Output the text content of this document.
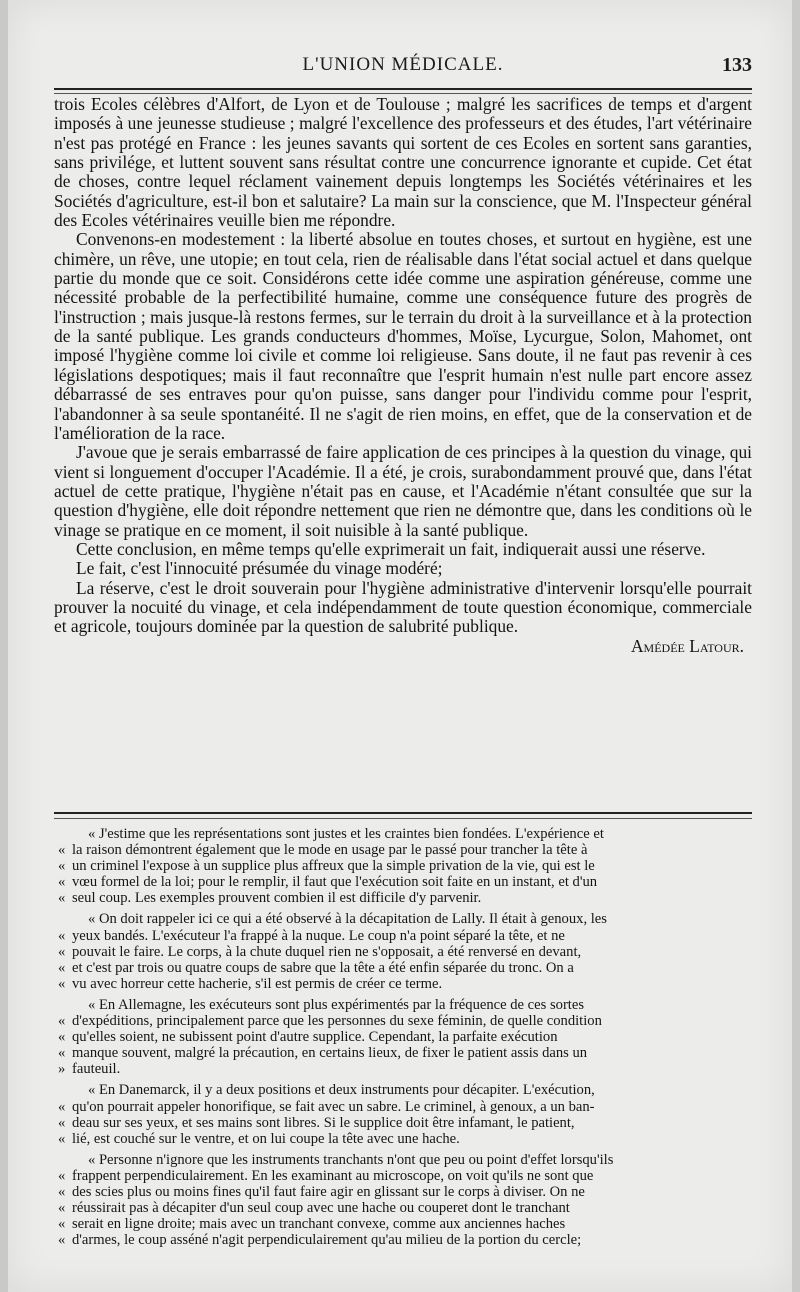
L'UNION MÉDICALE.	133

trois Ecoles célèbres d'Alfort, de Lyon et de Toulouse ; malgré les sacrifices de temps et d'argent imposés à une jeunesse studieuse ; malgré l'excellence des professeurs et des études, l'art vétérinaire n'est pas protégé en France : les jeunes savants qui sortent de ces Ecoles en sortent sans garanties, sans privilége, et luttent souvent sans résultat contre une concurrence ignorante et cupide. Cet état de choses, contre lequel réclament vainement depuis longtemps les Sociétés vétérinaires et les Sociétés d'agriculture, est-il bon et salutaire? La main sur la conscience, que M. l'Inspecteur général des Ecoles vétérinaires veuille bien me répondre.

Convenons-en modestement : la liberté absolue en toutes choses, et surtout en hygiène, est une chimère, un rêve, une utopie; en tout cela, rien de réalisable dans l'état social actuel et dans quelque partie du monde que ce soit. Considérons cette idée comme une aspiration généreuse, comme une nécessité probable de la perfectibilité humaine, comme une conséquence future des progrès de l'instruction ; mais jusque-là restons fermes, sur le terrain du droit à la surveillance et à la protection de la santé publique. Les grands conducteurs d'hommes, Moïse, Lycurgue, Solon, Mahomet, ont imposé l'hygiène comme loi civile et comme loi religieuse. Sans doute, il ne faut pas revenir à ces législations despotiques; mais il faut reconnaître que l'esprit humain n'est nulle part encore assez débarrassé de ses entraves pour qu'on puisse, sans danger pour l'individu comme pour l'esprit, l'abandonner à sa seule spontanéité. Il ne s'agit de rien moins, en effet, que de la conservation et de l'amélioration de la race.

J'avoue que je serais embarrassé de faire application de ces principes à la question du vinage, qui vient si longuement d'occuper l'Académie. Il a été, je crois, surabondamment prouvé que, dans l'état actuel de cette pratique, l'hygiène n'était pas en cause, et l'Académie n'étant consultée que sur la question d'hygiène, elle doit répondre nettement que rien ne démontre que, dans les conditions où le vinage se pratique en ce moment, il soit nuisible à la santé publique.

Cette conclusion, en même temps qu'elle exprimerait un fait, indiquerait aussi une réserve.

Le fait, c'est l'innocuité présumée du vinage modéré;

La réserve, c'est le droit souverain pour l'hygiène administrative d'intervenir lorsqu'elle pourrait prouver la nocuité du vinage, et cela indépendamment de toute question économique, commerciale et agricole, toujours dominée par la question de salubrité publique.

Amédée Latour.

« J'estime que les représentations sont justes et les craintes bien fondées. L'expérience et
« la raison démontrent également que le mode en usage par le passé pour trancher la tête à
« un criminel l'expose à un supplice plus affreux que la simple privation de la vie, qui est le
« vœu formel de la loi; pour le remplir, il faut que l'exécution soit faite en un instant, et d'un
« seul coup. Les exemples prouvent combien il est difficile d'y parvenir.
« On doit rappeler ici ce qui a été observé à la décapitation de Lally. Il était à genoux, les
« yeux bandés. L'exécuteur l'a frappé à la nuque. Le coup n'a point séparé la tête, et ne
« pouvait le faire. Le corps, à la chute duquel rien ne s'opposait, a été renversé en devant,
« et c'est par trois ou quatre coups de sabre que la tête a été enfin séparée du tronc. On a
« vu avec horreur cette hacherie, s'il est permis de créer ce terme.
« En Allemagne, les exécuteurs sont plus expérimentés par la fréquence de ces sortes
« d'expéditions, principalement parce que les personnes du sexe féminin, de quelle condition
« qu'elles soient, ne subissent point d'autre supplice. Cependant, la parfaite exécution
« manque souvent, malgré la précaution, en certains lieux, de fixer le patient assis dans un
» fauteuil.
« En Danemarck, il y a deux positions et deux instruments pour décapiter. L'exécution,
« qu'on pourrait appeler honorifique, se fait avec un sabre. Le criminel, à genoux, a un ban-
« deau sur ses yeux, et ses mains sont libres. Si le supplice doit être infamant, le patient,
« lié, est couché sur le ventre, et on lui coupe la tête avec une hache.
« Personne n'ignore que les instruments tranchants n'ont que peu ou point d'effet lorsqu'ils
« frappent perpendiculairement. En les examinant au microscope, on voit qu'ils ne sont que
« des scies plus ou moins fines qu'il faut faire agir en glissant sur le corps à diviser. On ne
« réussirait pas à décapiter d'un seul coup avec une hache ou couperet dont le tranchant
« serait en ligne droite; mais avec un tranchant convexe, comme aux anciennes haches
« d'armes, le coup asséné n'agit perpendiculairement qu'au milieu de la portion du cercle;
